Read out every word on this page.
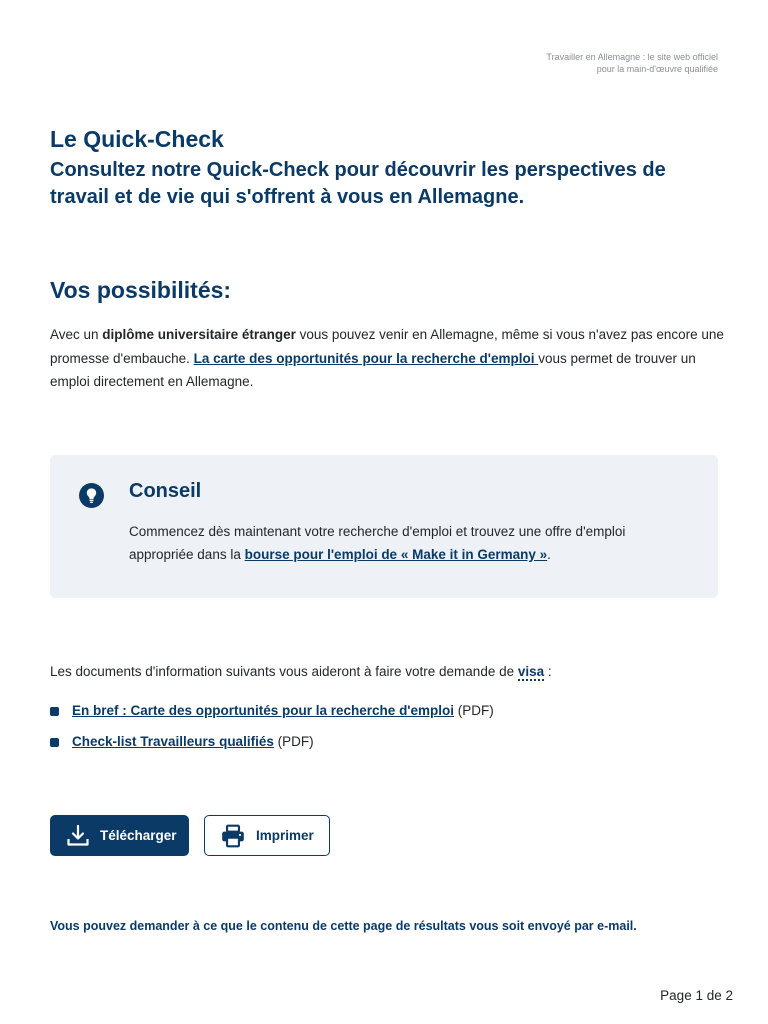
Travailler en Allemagne : le site web officiel
pour la main-d'œuvre qualifiée
Le Quick-Check
Consultez notre Quick-Check pour découvrir les perspectives de travail et de vie qui s'offrent à vous en Allemagne.
Vos possibilités:

Avec un diplôme universitaire étranger vous pouvez venir en Allemagne, même si vous n'avez pas encore une promesse d'embauche. La carte des opportunités pour la recherche d'emploi vous permet de trouver un emploi directement en Allemagne.

Conseil

Commencez dès maintenant votre recherche d'emploi et trouvez une offre d'emploi appropriée dans la bourse pour l'emploi de « Make it in Germany ».

Les documents d'information suivants vous aideront à faire votre demande de visa :

En bref : Carte des opportunités pour la recherche d'emploi (PDF)
Check-list Travailleurs qualifiés (PDF)
Télécharger	Imprimer

Vous pouvez demander à ce que le contenu de cette page de résultats vous soit envoyé par e-mail.

Page 1 de 2
